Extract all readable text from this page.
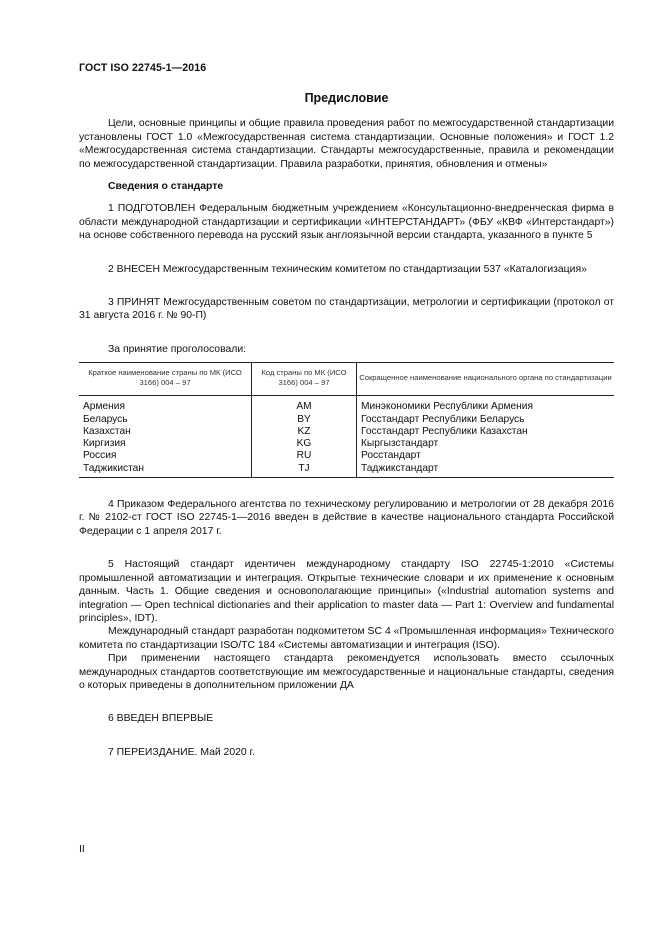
ГОСТ ISO 22745-1—2016
Предисловие

Цели, основные принципы и общие правила проведения работ по межгосударственной стандартизации установлены ГОСТ 1.0 «Межгосударственная система стандартизации. Основные положения» и ГОСТ 1.2 «Межгосударственная система стандартизации. Стандарты межгосударственные, правила и рекомендации по межгосударственной стандартизации. Правила разработки, принятия, обновления и отмены»

Сведения о стандарте

1 ПОДГОТОВЛЕН Федеральным бюджетным учреждением «Консультационно-внедренческая фирма в области международной стандартизации и сертификации «ИНТЕРСТАНДАРТ» (ФБУ «КВФ «Интерстандарт») на основе собственного перевода на русский язык англоязычной версии стандарта, указанного в пункте 5

2 ВНЕСЕН Межгосударственным техническим комитетом по стандартизации 537 «Каталогизация»

3 ПРИНЯТ Межгосударственным советом по стандартизации, метрологии и сертификации (протокол от 31 августа 2016 г. № 90-П)

За принятие проголосовали:

Краткое наименование страны по МК (ИСО 3166) 004 – 97	Код страны по МК (ИСО 3166) 004 – 97	Сокращенное наименование национального органа по стандартизации
Армения	AM	Минэкономики Республики Армения
Беларусь	BY	Госстандарт Республики Беларусь
Казахстан	KZ	Госстандарт Республики Казахстан
Киргизия	KG	Кыргызстандарт
Россия	RU	Росстандарт
Таджикистан	TJ	Таджикстандарт

4 Приказом Федерального агентства по техническому регулированию и метрологии от 28 декабря 2016 г. № 2102-ст ГОСТ ISO 22745-1—2016 введен в действие в качестве национального стандарта Российской Федерации с 1 апреля 2017 г.

5 Настоящий стандарт идентичен международному стандарту ISO 22745-1:2010 «Системы промышленной автоматизации и интеграция. Открытые технические словари и их применение к основным данным. Часть 1. Общие сведения и основополагающие принципы» («Industrial automation systems and integration — Open technical dictionaries and their application to master data — Part 1: Overview and fundamental principles», IDT).

Международный стандарт разработан подкомитетом SC 4 «Промышленная информация» Технического комитета по стандартизации ISO/TC 184 «Системы автоматизации и интеграция (ISO).

При применении настоящего стандарта рекомендуется использовать вместо ссылочных международных стандартов соответствующие им межгосударственные и национальные стандарты, сведения о которых приведены в дополнительном приложении ДА

6 ВВЕДЕН ВПЕРВЫЕ

7 ПЕРЕИЗДАНИЕ. Май 2020 г.

II
